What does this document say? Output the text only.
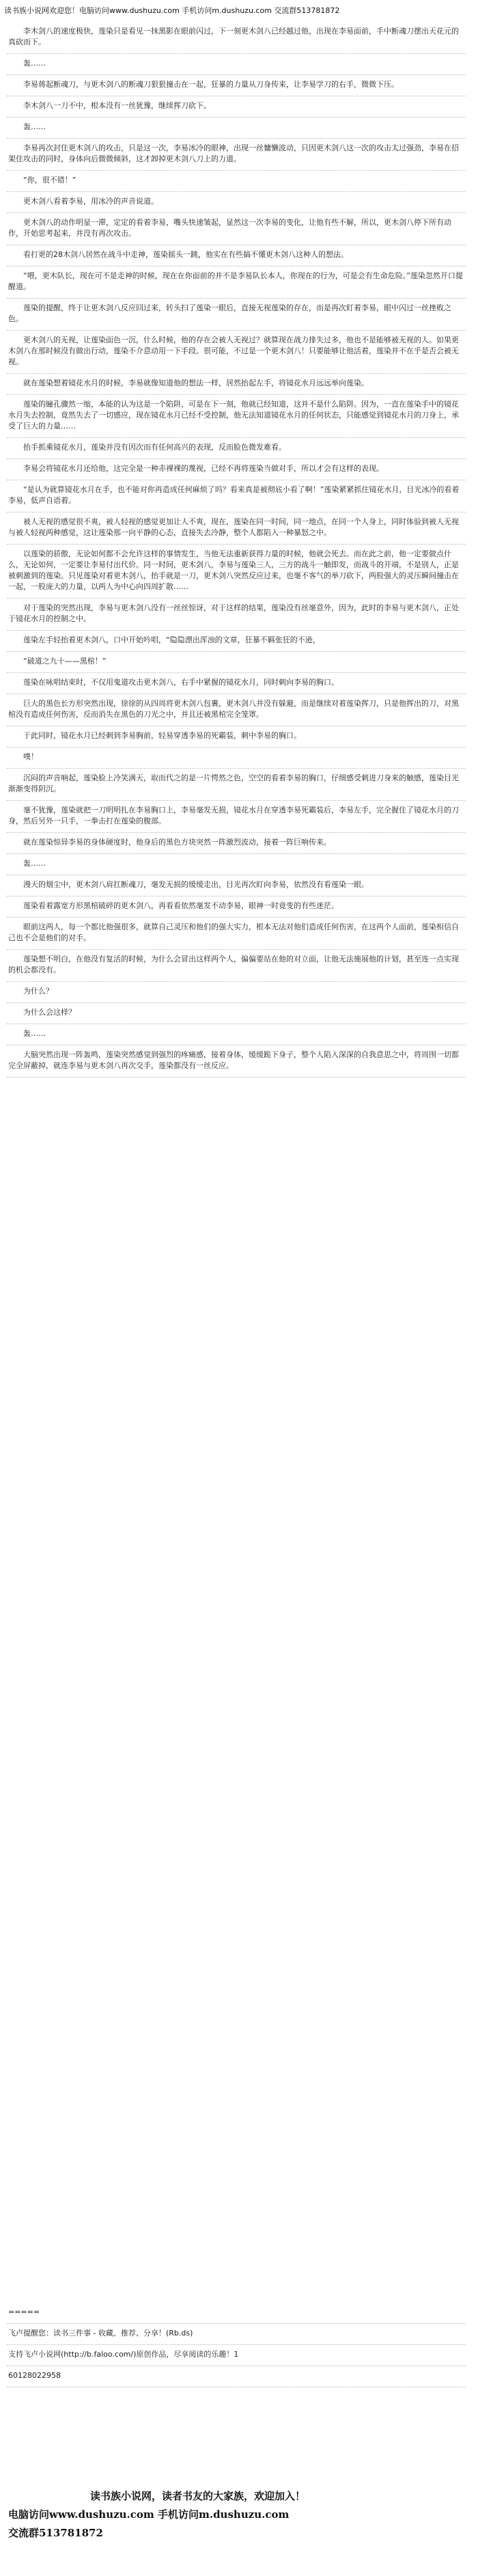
读书族小说网欢迎您！电脑访问www.dushuzu.com 手机访问m.dushuzu.com 交流群513781872

李木剑八的速度极快，莲染只是看见一抹黑影在眼前闪过，下一刻更木剑八已经越过他，出现在李易面前，手中断魂刀摆出天花元的真砍而下。

轰……

李易蒋起断魂刀，与更木剑八的断魂刀狠狠撞击在一起，狂暴的力量从刀身传来，让李易学刀的右手，微微下压。

李木剑八一刀不中，根本没有一丝犹豫，继续挥刀砍下。

轰……

李易再次封住更木剑八的攻击，只是这一次，李易冰冷的眼神，出现一丝慵懒波动，只因更木剑八这一次的攻击太过强劲，李易在招架住攻击的同时，身体向后微微倾斜，这才卸掉更木剑八刀上的力道。

“你，很不错！”

更木剑八看着李易，用冰冷的声音说道。

更木剑八的动作明显一滞，定定的看着李易，嘴头快速皱起，显然这一次李易的变化，让他有些不解，所以，更木剑八停下所有动作，开始思考起来，并没有再次攻击。

看打更的28木剑八居然在战斗中走神，莲染摇头一跳，他实在有些搞不懂更木剑八这种人的想法。

“喂，更木队长，现在可不是走神的时候，现在在你面前的并不是李易队长本人，你现在的行为，可是会有生命危险。”莲染忽然开口提醒道。

莲染的提醒，终于让更木剑八反应回过来，转头扫了莲染一眼后，直接无视莲染的存在，而是再次盯着李易，眼中闪过一丝挫败之色。

更木剑八的无视，让莲染面色一沉，什么时候，他的存在会被人无视过？就算现在战力排失过多，他也不是能够被无视的人。如果更木剑八在那时候没有做出行动，莲染不介意动用一下手段。很可能，不过是一个更木剑八！只要能够让他活着，莲染并不在乎是否会被无视。

就在莲染想着镜花水月的时候，李易就像知道他的想法一样，居然抬起左手，将镜花水月远远举向莲染。

莲染的瞳孔骤然一缩，本能的认为这是一个陷阱，可是在下一刻，他就已经知道，这并不是什么陷阱。因为，一直在莲染手中的镜花水月失去控制，竟然失去了一切感应，现在镜花水月已经不受控制，他无法知道镜花水月的任何状态，只能感觉到镜花水月的刀身上，承受了巨大的力量……

抬手抓乘镜花水月，莲染并没有因次而有任何高兴的表现，反而脸色微发难看。

李易会将镜花水月还给他，这完全是一种赤裸裸的蔑视，已经不再将莲染当做对手，所以才会有这样的表现。

“是认为就算镜花水月在手，也不能对你再造成任何麻烦了吗？看来真是被彻底小看了啊！”莲染紧紧抓住镜花水月，目光冰冷的看着李易，低声自语着。

被人无视的感觉很不爽，被人轻视的感觉更加让人不爽，现在，莲染在同一时间，同一地点，在同一个人身上，同时体验到被人无视与被人轻视两种感觉，这让莲染那一向平静的心态，直接失去冷静，整个人都陷入一种暴怒之中。

以莲染的骄傲，无论如何都不会允许这样的事情发生，当他无法重新获得力量的时候，他就会死去。而在此之前，他一定要做点什么，无论如何，一定要让李易付出代价。同一时间，更木剑八，李易与莲染三人，三方的战斗一触即发，而战斗的开端，不是别人，正是被刺激到的莲染。只见莲染对着更木剑八，抬手就是一刀，更木剑八突然反应过来，也毫不客气的举刀砍下，两股强大的灵压瞬间撞击在一起，一股庞大的力量，以两人为中心向四周扩散……

对于莲染的突然出现，李易与更木剑八没有一丝丝惊讶，对于这样的结果，莲染没有丝毫意外，因为，此时的李易与更木剑八，正处于镜花水月的控制之中。

莲染左手轻抬着更木剑八，口中开始吟唱，“隐隐漂出浑浊的文章，狂暴不羁张狂的不逊，

“破道之九十——黑棺！”

莲染在咏唱结束时，不仅用鬼道攻击更木剑八，右手中紧握的镜花水月，同时刺向李易的胸口。

巨大的黑色长方形突然出现，徐徐的从四周将更木剑八包裹，更木剑八并没有躲避，而是继续对着莲染挥刀，只是他挥出的刀，对黑棺没有造成任何伤害，反而消失在黑色的刀光之中，并且还被黑棺完全笼罩。

于此同时，镜花水月已经刺到李易胸前，轻易穿透李易的死霸装，刺中李易的胸口。

噗！

沉闷的声音响起，莲染脸上冷笑满天，取而代之的是一片愕然之色，空空的看着李易的胸口，仔细感受刺进刀身来的触感，莲染目光渐渐变得阴沉。

毫不犹豫，莲染就把一刀明明扎在李易胸口上，李易毫发无损，镜花水月在穿透李易死霸装后，李易左手，完全握住了镜花水月的刀身，然后另外一只手，一拳击打在莲染的腹部。

就在莲染惊异李易的身体硬度时，他身后的黑色方块突然一阵激烈波动，接着一阵巨响传来。

轰……

漫天的烟尘中，更木剑八肩扛断魂刀，毫发无损的缓缓走出，目光再次盯向李易，依然没有看莲染一眼。

莲染看着露宽方形黑棺破碎的更木剑八，再看看依然毫发不动李易，眼神一时竟变的有些迷茫。

眼前这两人，每一个都比他强很多，就算自己灵压和他们的强大实力，根本无法对他们造成任何伤害，在这两个人面前，莲染相信自己也不会是他们的对手。

莲染想不明白，在他没有复活的时候，为什么会冒出这样两个人，偏偏要站在他的对立面，让他无法施展他的计划，甚至连一点实现的机会都没有。

为什么？

为什么会这样？

轰……

大脑突然出现一阵轰鸣，莲染突然感觉到强烈的疼痛感，接着身体，缓缓跪下身子，整个人陷入深深的自我意思之中，将周围一切都完全屏蔽掉，就连李易与更木剑八再次交手，莲染都没有一丝反应。

=====
飞卢提醒您：读书三件事 - 收藏、推荐、分享！(Rb.ds)
支持飞卢小说网(http://b.faloo.com/)原创作品，尽享阅读的乐趣！1
60128022958
读书族小说网，读者书友的大家族，欢迎加入！
电脑访问www.dushuzu.com 手机访问m.dushuzu.com
交流群513781872
